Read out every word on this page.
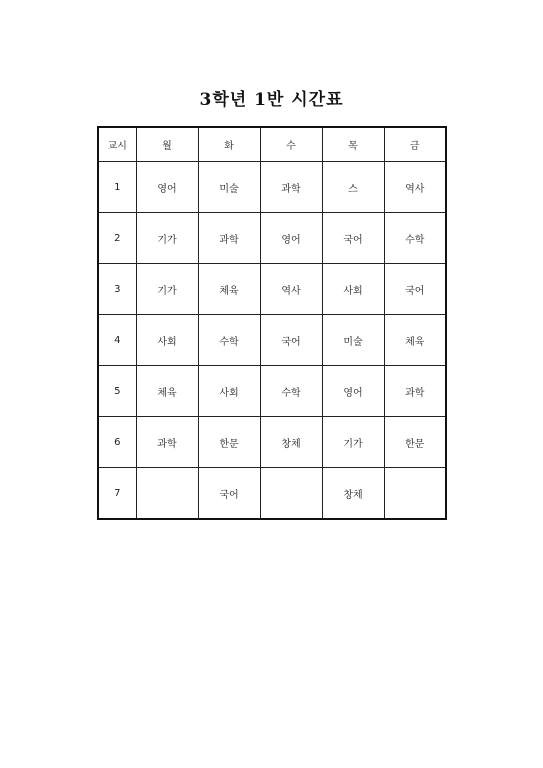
3학년 1반 시간표
교시	월	화	수	목	금
1	영어	미술	과학	스	역사
2	기가	과학	영어	국어	수학
3	기가	체육	역사	사회	국어
4	사회	수학	국어	미술	체육
5	체육	사회	수학	영어	과학
6	과학	한문	창체	기가	한문
7		국어		창체	
